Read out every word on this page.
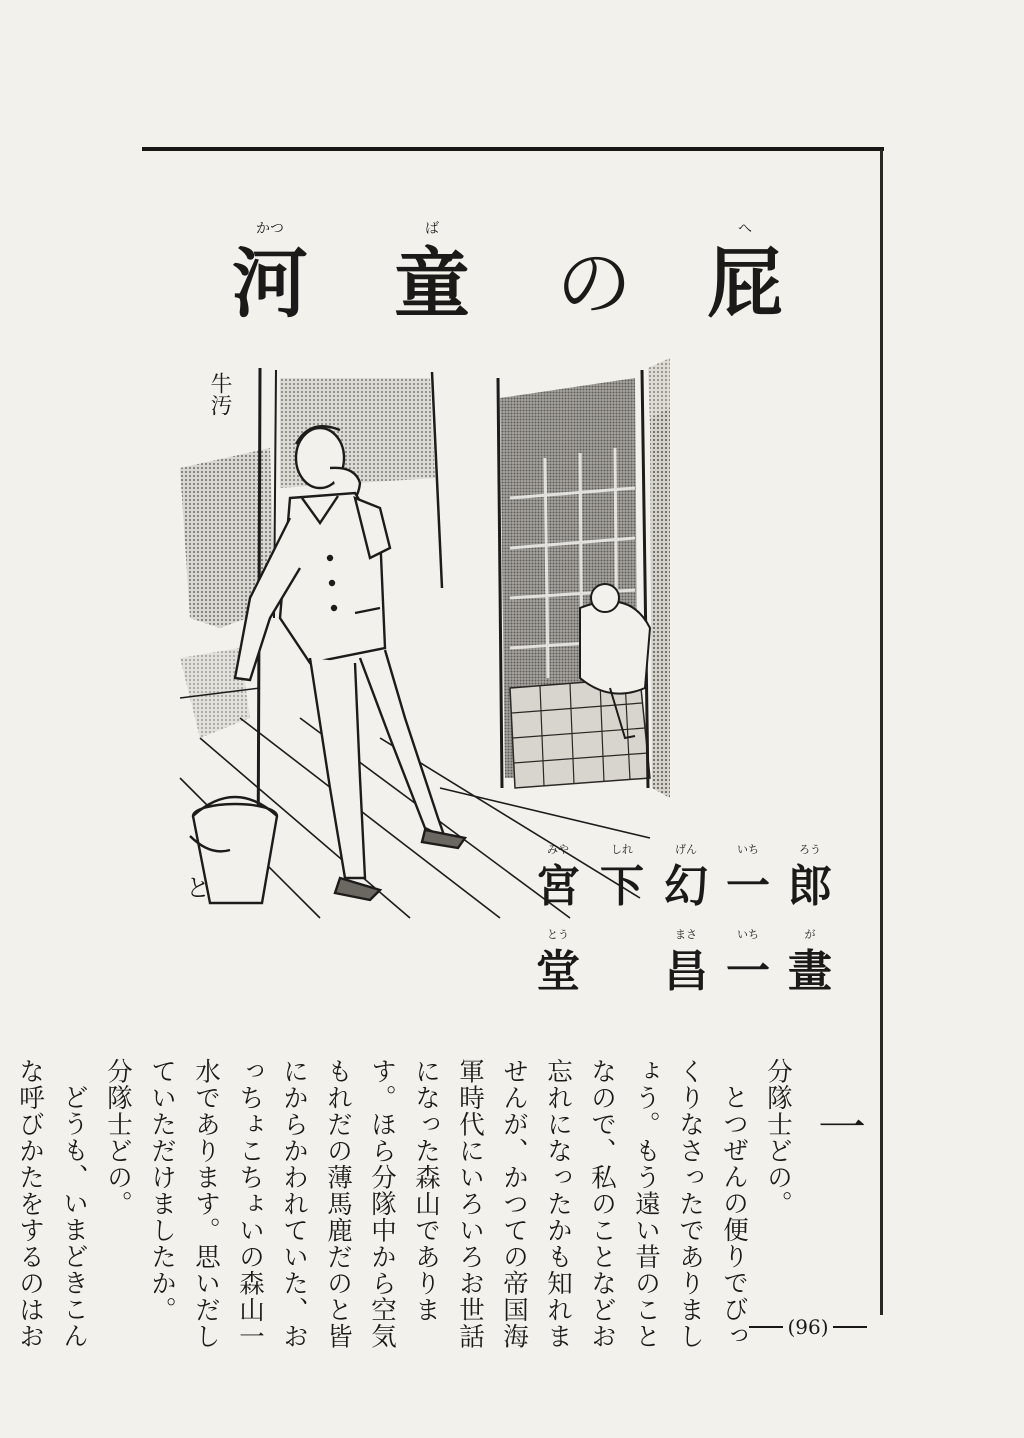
かつ
河
ば
童 の
へ
屁
牛汚
と
みや
宮
しれ
下
げん
幻
いち
一
ろう
郎
とう
堂
まさ
昌
いち
一
が
畫
一

分隊士どの。

とつぜんの便りでびっくりなさったでありましょう。もう遠い昔のことなので、私のことなどお忘れになったかも知れませんが、かつての帝国海軍時代にいろいろお世話になった森山であります。ほら分隊中から空気もれだの薄馬鹿だのと皆にからかわれていた、おっちょこちょいの森山一水であります。思いだしていただけましたか。

分隊士どの。

どうも、いまどきこんな呼びかたをするのはお	(96)
